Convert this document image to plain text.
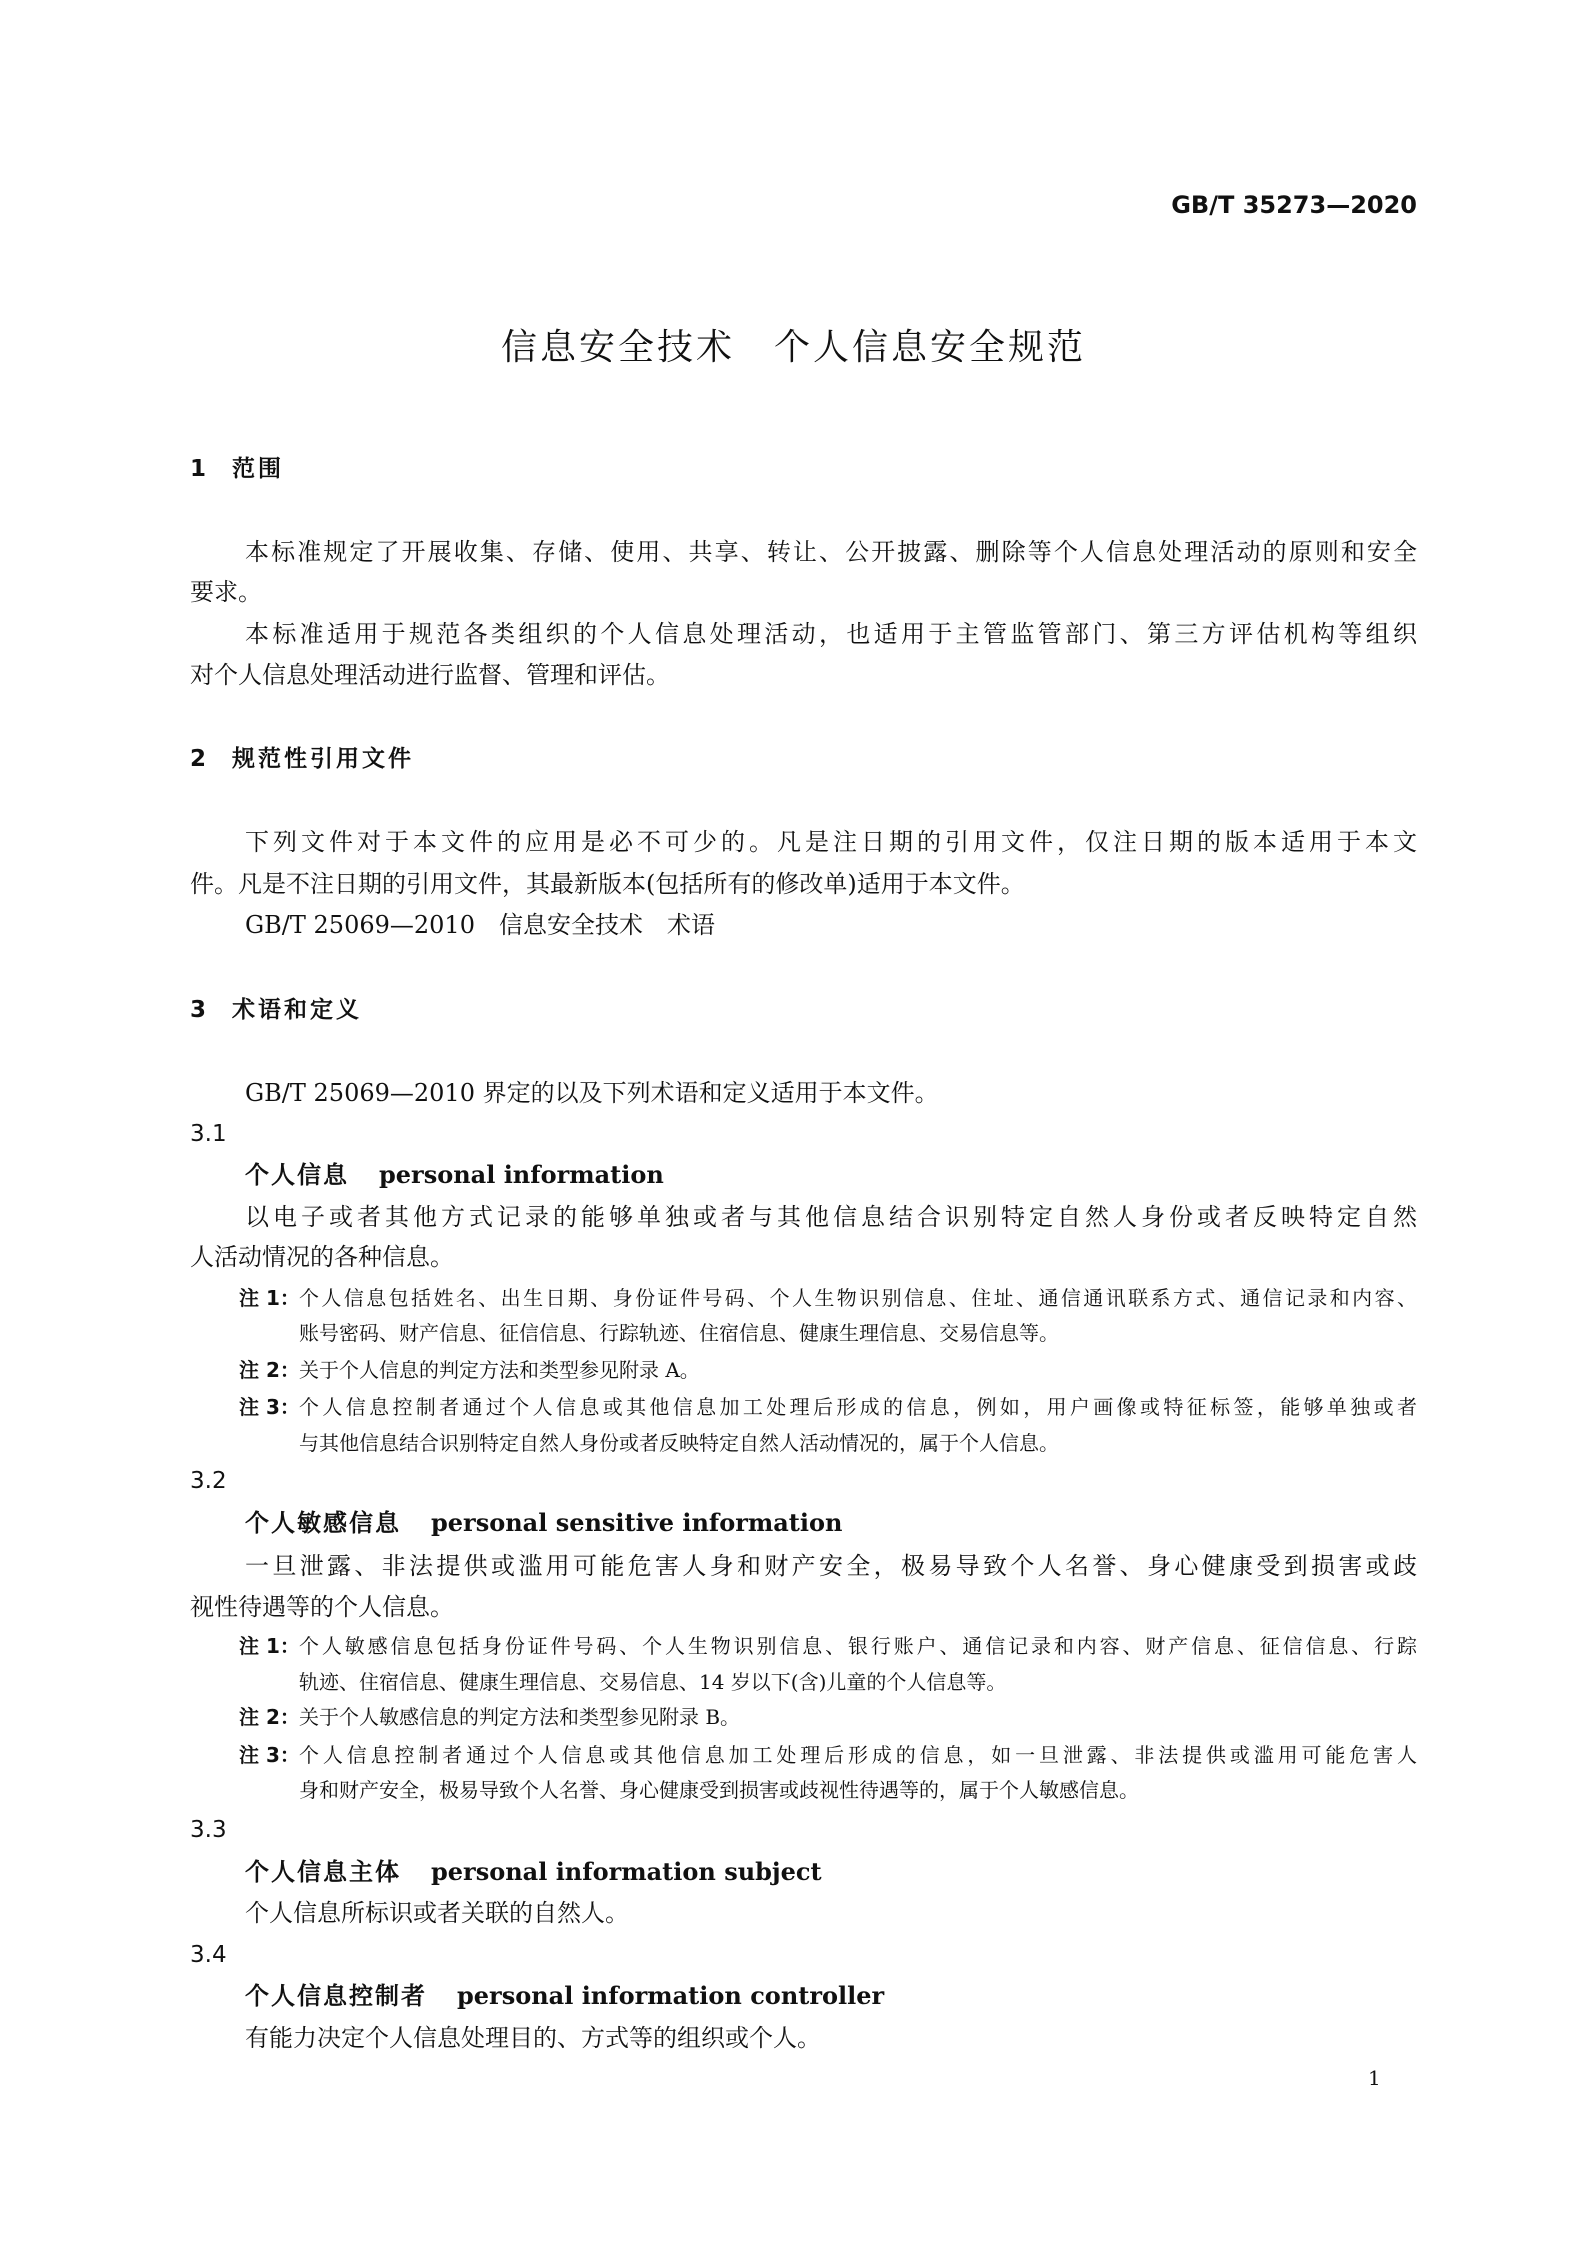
GB/T 35273—2020
信息安全技术　个人信息安全规范
1 范围
本标准规定了开展收集、存储、使用、共享、转让、公开披露、删除等个人信息处理活动的原则和安全
要求。
本标准适用于规范各类组织的个人信息处理活动，也适用于主管监管部门、第三方评估机构等组织
对个人信息处理活动进行监督、管理和评估。
2 规范性引用文件
下列文件对于本文件的应用是必不可少的。凡是注日期的引用文件，仅注日期的版本适用于本文
件。凡是不注日期的引用文件，其最新版本(包括所有的修改单)适用于本文件。
GB/T 25069—2010　信息安全技术　术语
3 术语和定义
GB/T 25069—2010 界定的以及下列术语和定义适用于本文件。
3.1
个人信息 personal information
以电子或者其他方式记录的能够单独或者与其他信息结合识别特定自然人身份或者反映特定自然
人活动情况的各种信息。
注 1： 个人信息包括姓名、出生日期、身份证件号码、个人生物识别信息、住址、通信通讯联系方式、通信记录和内容、
账号密码、财产信息、征信信息、行踪轨迹、住宿信息、健康生理信息、交易信息等。
注 2： 关于个人信息的判定方法和类型参见附录 A。
注 3： 个人信息控制者通过个人信息或其他信息加工处理后形成的信息，例如，用户画像或特征标签，能够单独或者
与其他信息结合识别特定自然人身份或者反映特定自然人活动情况的，属于个人信息。
3.2
个人敏感信息 personal sensitive information
一旦泄露、非法提供或滥用可能危害人身和财产安全，极易导致个人名誉、身心健康受到损害或歧
视性待遇等的个人信息。
注 1： 个人敏感信息包括身份证件号码、个人生物识别信息、银行账户、通信记录和内容、财产信息、征信信息、行踪
轨迹、住宿信息、健康生理信息、交易信息、14 岁以下(含)儿童的个人信息等。
注 2： 关于个人敏感信息的判定方法和类型参见附录 B。
注 3： 个人信息控制者通过个人信息或其他信息加工处理后形成的信息，如一旦泄露、非法提供或滥用可能危害人
身和财产安全，极易导致个人名誉、身心健康受到损害或歧视性待遇等的，属于个人敏感信息。
3.3
个人信息主体 personal information subject
个人信息所标识或者关联的自然人。
3.4
个人信息控制者 personal information controller
有能力决定个人信息处理目的、方式等的组织或个人。
1
